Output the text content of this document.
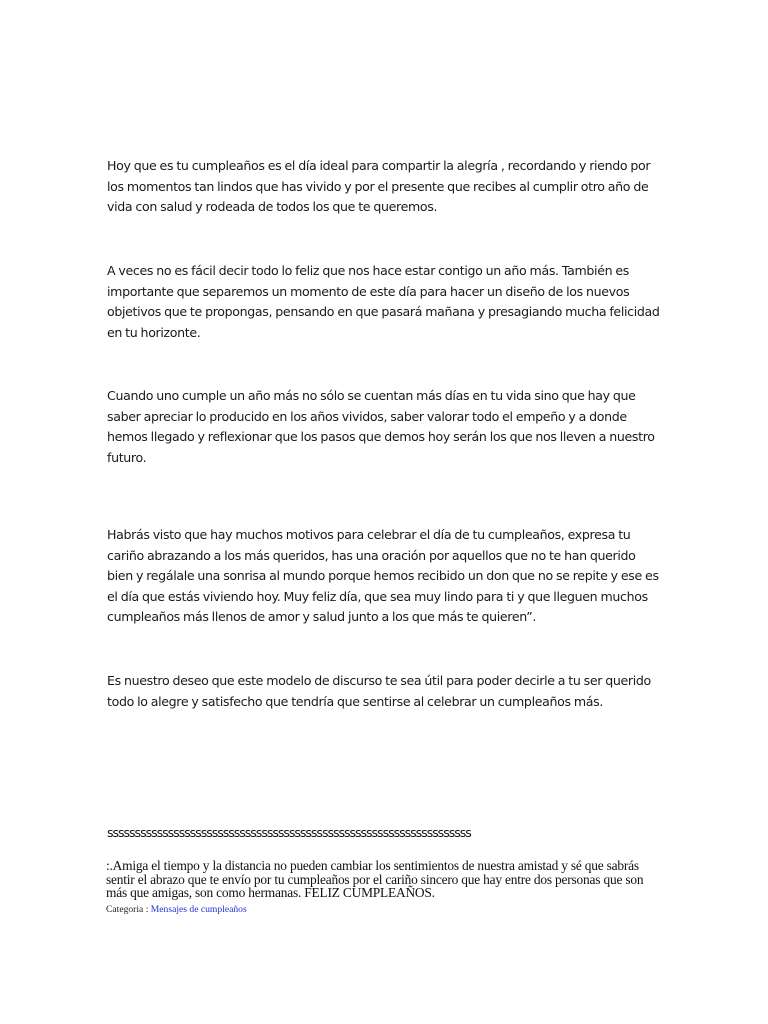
Hoy que es tu cumpleaños es el día ideal para compartir la alegría , recordando y riendo por los momentos tan lindos que has vivido y por el presente que recibes al cumplir otro año de vida con salud y rodeada de todos los que te queremos.

A veces no es fácil decir todo lo feliz que nos hace estar contigo un año más. También es importante que separemos un momento de este día para hacer un diseño de los nuevos objetivos que te propongas, pensando en que pasará mañana y presagiando mucha felicidad en tu horizonte.

Cuando uno cumple un año más no sólo se cuentan más días en tu vida sino que hay que saber apreciar lo producido en los años vividos, saber valorar todo el empeño y a donde hemos llegado y reflexionar que los pasos que demos hoy serán los que nos lleven a nuestro futuro.

Habrás visto que hay muchos motivos para celebrar el día de tu cumpleaños, expresa tu cariño abrazando a los más queridos, has una oración por aquellos que no te han querido bien y regálale una sonrisa al mundo porque hemos recibido un don que no se repite y ese es el día que estás viviendo hoy. Muy feliz día, que sea muy lindo para ti y que lleguen muchos cumpleaños más llenos de amor y salud junto a los que más te quieren”.

Es nuestro deseo que este modelo de discurso te sea útil para poder decirle a tu ser querido todo lo alegre y satisfecho que tendría que sentirse al celebrar un cumpleaños más.

ssssssssssssssssssssssssssssssssssssssssssssssssssssssssssssssssss

:.Amiga el tiempo y la distancia no pueden cambiar los sentimientos de nuestra amistad y sé que sabrás sentir el abrazo que te envío por tu cumpleaños por el cariño sincero que hay entre dos personas que son más que amigas, son como hermanas. FELIZ CUMPLEAÑOS.

Categoria : Mensajes de cumpleaños
